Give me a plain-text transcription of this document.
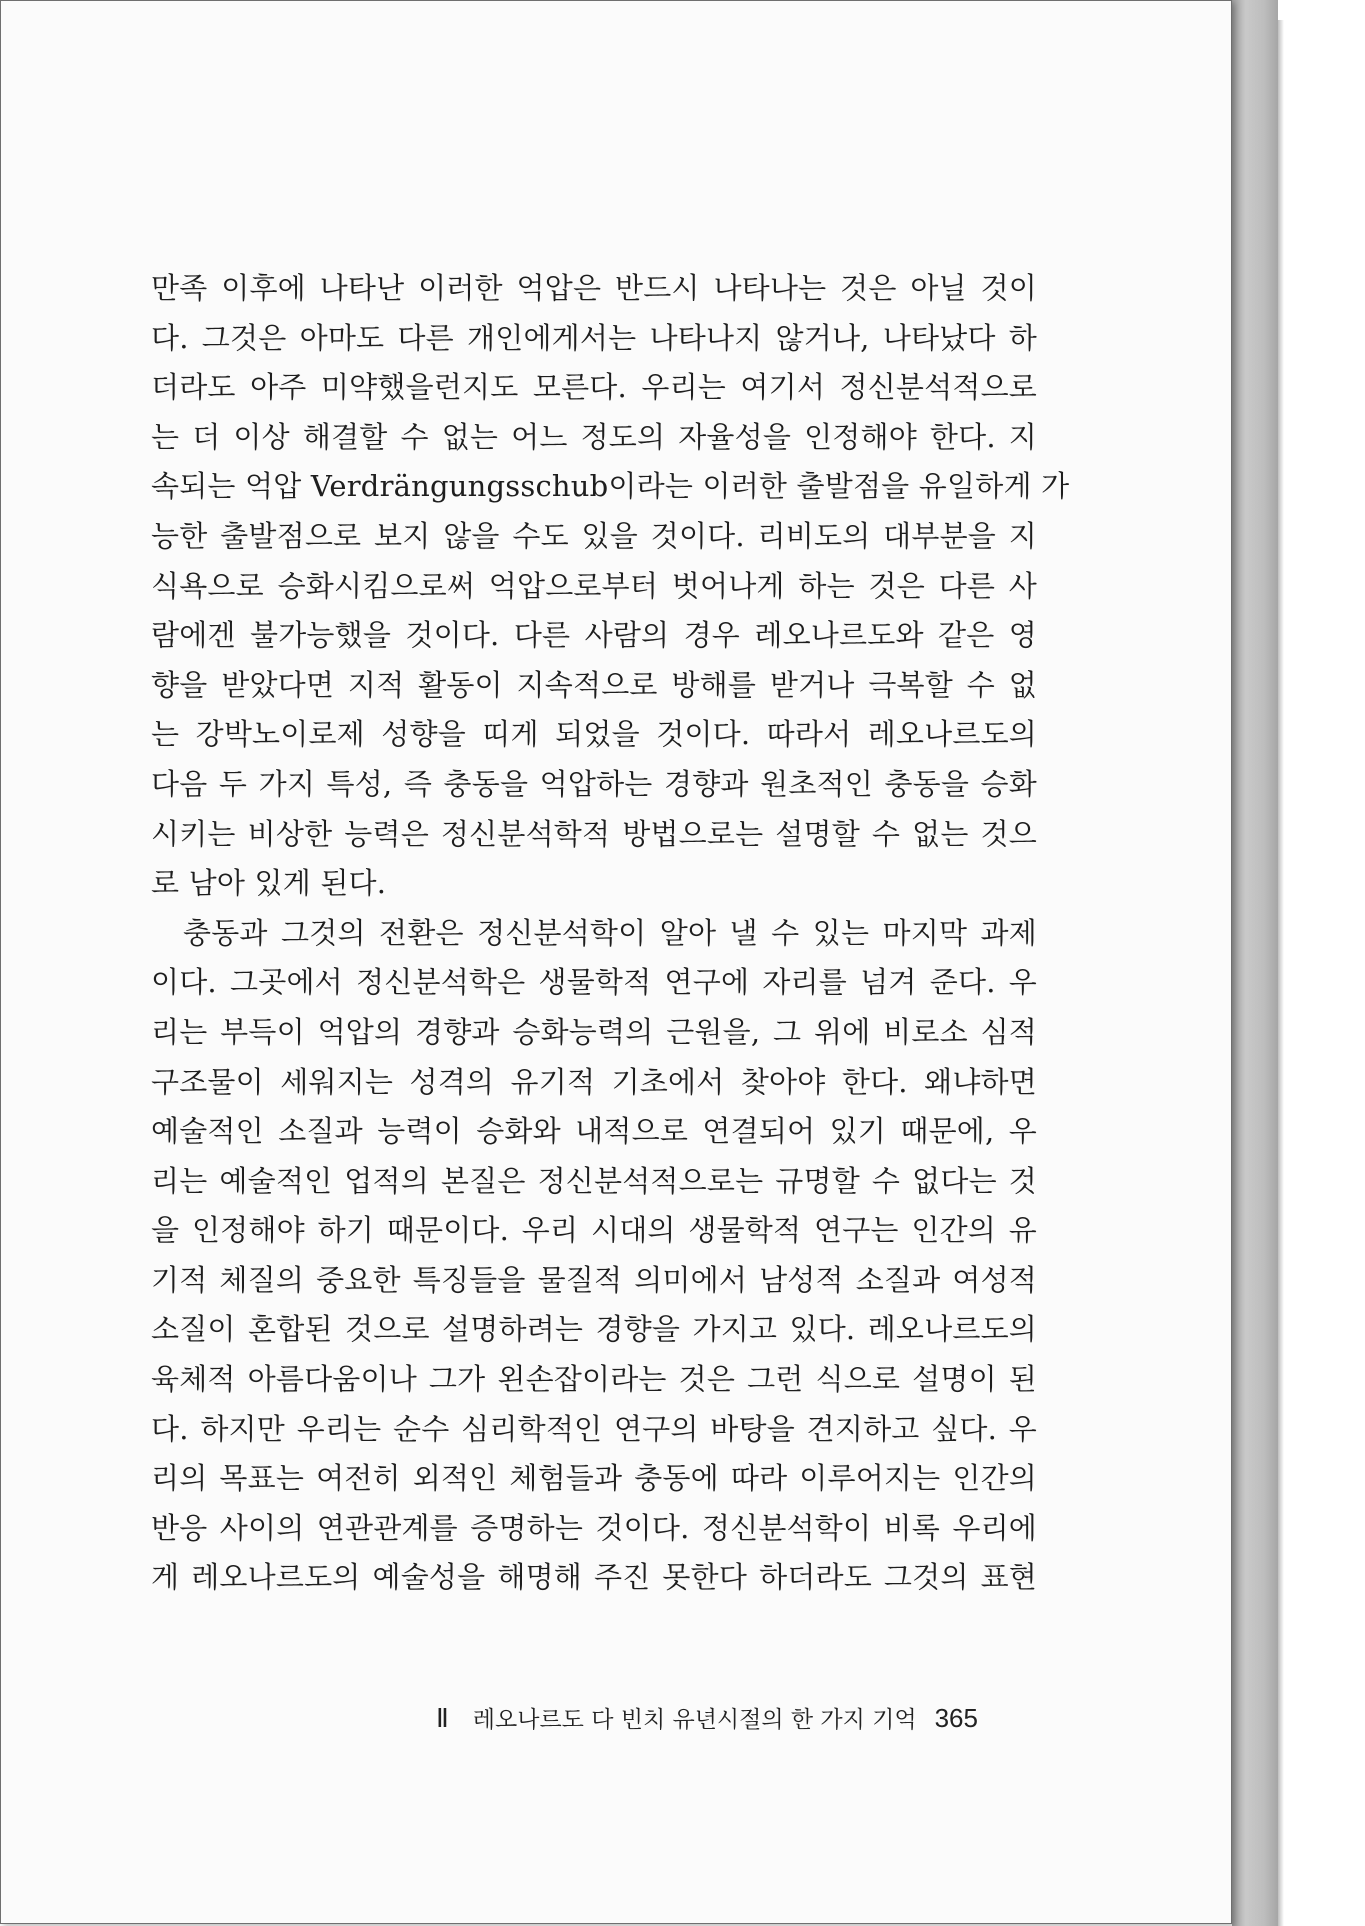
만족 이후에 나타난 이러한 억압은 반드시 나타나는 것은 아닐 것이
다. 그것은 아마도 다른 개인에게서는 나타나지 않거나, 나타났다 하
더라도 아주 미약했을런지도 모른다. 우리는 여기서 정신분석적으로
는 더 이상 해결할 수 없는 어느 정도의 자율성을 인정해야 한다. 지
속되는 억압 Verdrängungsschub이라는 이러한 출발점을 유일하게 가
능한 출발점으로 보지 않을 수도 있을 것이다. 리비도의 대부분을 지
식욕으로 승화시킴으로써 억압으로부터 벗어나게 하는 것은 다른 사
람에겐 불가능했을 것이다. 다른 사람의 경우 레오나르도와 같은 영
향을 받았다면 지적 활동이 지속적으로 방해를 받거나 극복할 수 없
는 강박노이로제 성향을 띠게 되었을 것이다. 따라서 레오나르도의
다음 두 가지 특성, 즉 충동을 억압하는 경향과 원초적인 충동을 승화
시키는 비상한 능력은 정신분석학적 방법으로는 설명할 수 없는 것으
로 남아 있게 된다.
충동과 그것의 전환은 정신분석학이 알아 낼 수 있는 마지막 과제
이다. 그곳에서 정신분석학은 생물학적 연구에 자리를 넘겨 준다. 우
리는 부득이 억압의 경향과 승화능력의 근원을, 그 위에 비로소 심적
구조물이 세워지는 성격의 유기적 기초에서 찾아야 한다. 왜냐하면
예술적인 소질과 능력이 승화와 내적으로 연결되어 있기 때문에, 우
리는 예술적인 업적의 본질은 정신분석적으로는 규명할 수 없다는 것
을 인정해야 하기 때문이다. 우리 시대의 생물학적 연구는 인간의 유
기적 체질의 중요한 특징들을 물질적 의미에서 남성적 소질과 여성적
소질이 혼합된 것으로 설명하려는 경향을 가지고 있다. 레오나르도의
육체적 아름다움이나 그가 왼손잡이라는 것은 그런 식으로 설명이 된
다. 하지만 우리는 순수 심리학적인 연구의 바탕을 견지하고 싶다. 우
리의 목표는 여전히 외적인 체험들과 충동에 따라 이루어지는 인간의
반응 사이의 연관관계를 증명하는 것이다. 정신분석학이 비록 우리에
게 레오나르도의 예술성을 해명해 주진 못한다 하더라도 그것의 표현
Ⅱ 레오나르도 다 빈치 유년시절의 한 가지 기억 365
